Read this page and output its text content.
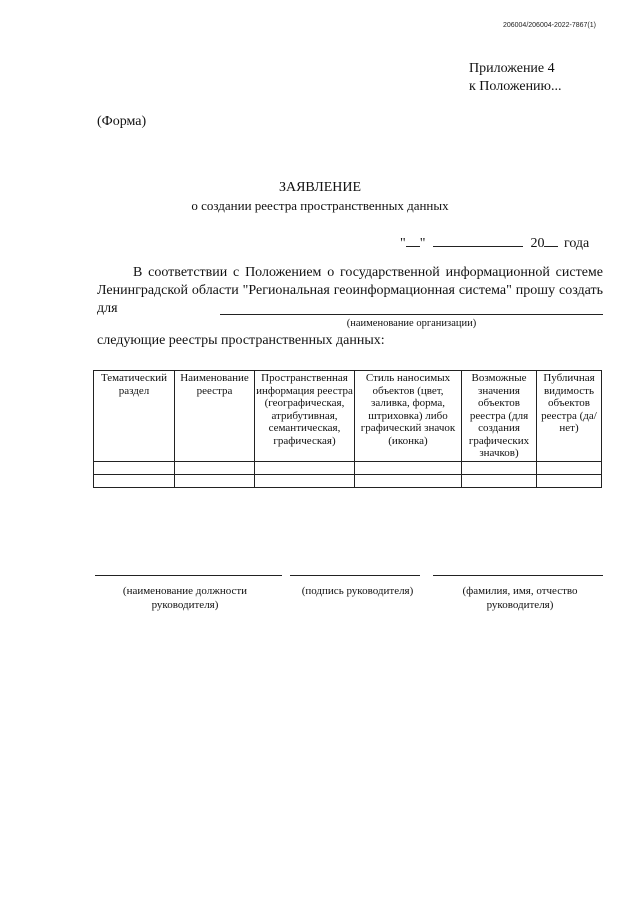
206004/206004-2022-7867(1)
Приложение 4
к Положению...
(Форма)
ЗАЯВЛЕНИЕ
о создании реестра пространственных данных
" "	20 года
В соответствии с Положением о государственной информационной системе Ленинградской области "Региональная геоинформационная система" прошу создать для
(наименование организации)
следующие реестры пространственных данных:
Тематический раздел	Наименование реестра	Пространственная информация реестра (географическая, атрибутивная, семантическая, графическая)	Стиль наносимых объектов (цвет, заливка, форма, штриховка) либо графический значок (иконка)	Возможные значения объектов реестра (для создания графических значков)	Публичная видимость объектов реестра (да/нет)

(наименование должности руководителя)
(подпись руководителя)	(фамилия, имя, отчество руководителя)
